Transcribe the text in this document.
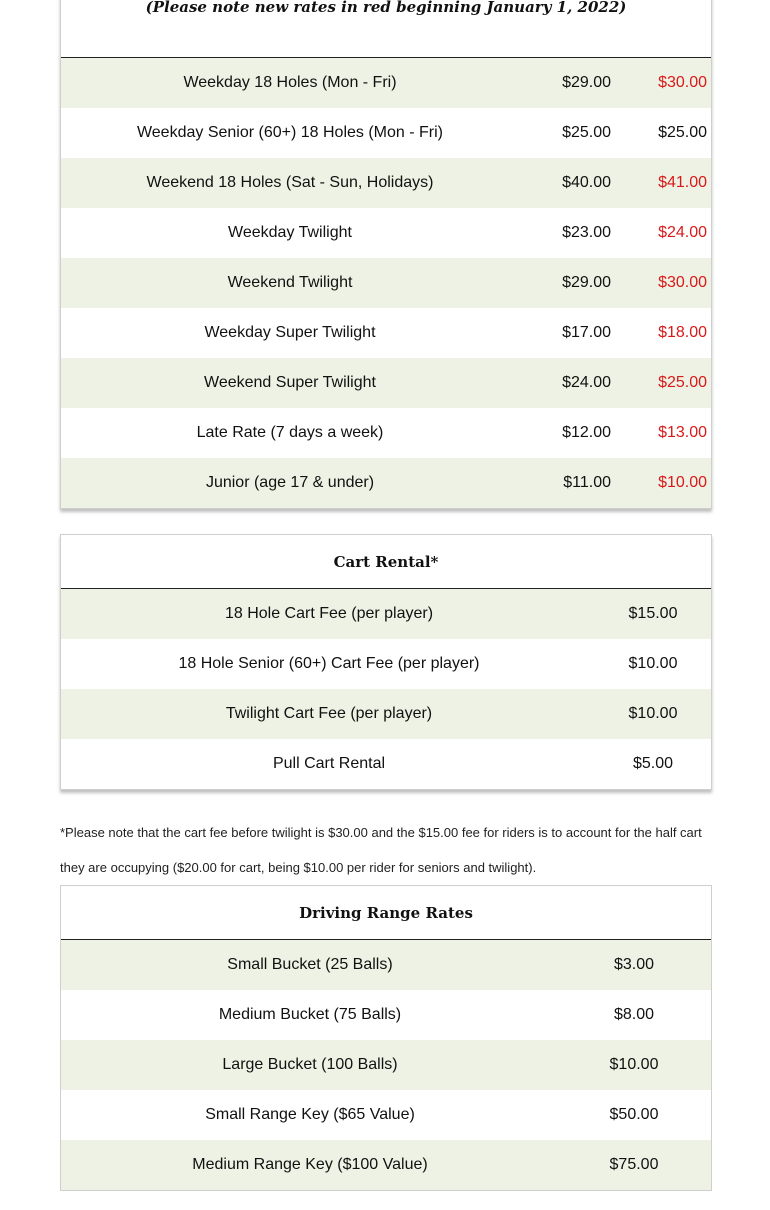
(Please note new rates in red beginning January 1, 2022)
Weekday 18 Holes (Mon - Fri)	$29.00	$30.00
Weekday Senior (60+) 18 Holes (Mon - Fri)	$25.00	$25.00
Weekend 18 Holes (Sat - Sun, Holidays)	$40.00	$41.00
Weekday Twilight	$23.00	$24.00
Weekend Twilight	$29.00	$30.00
Weekday Super Twilight	$17.00	$18.00
Weekend Super Twilight	$24.00	$25.00
Late Rate (7 days a week)	$12.00	$13.00
Junior (age 17 & under)	$11.00	$10.00
Cart Rental*
18 Hole Cart Fee (per player)	$15.00
18 Hole Senior (60+) Cart Fee (per player)	$10.00
Twilight Cart Fee (per player)	$10.00
Pull Cart Rental	$5.00
*Please note that the cart fee before twilight is $30.00 and the $15.00 fee for riders is to account for the half cart they are occupying ($20.00 for cart, being $10.00 per rider for seniors and twilight).
Driving Range Rates
Small Bucket (25 Balls)	$3.00
Medium Bucket (75 Balls)	$8.00
Large Bucket (100 Balls)	$10.00
Small Range Key ($65 Value)	$50.00
Medium Range Key ($100 Value)	$75.00
